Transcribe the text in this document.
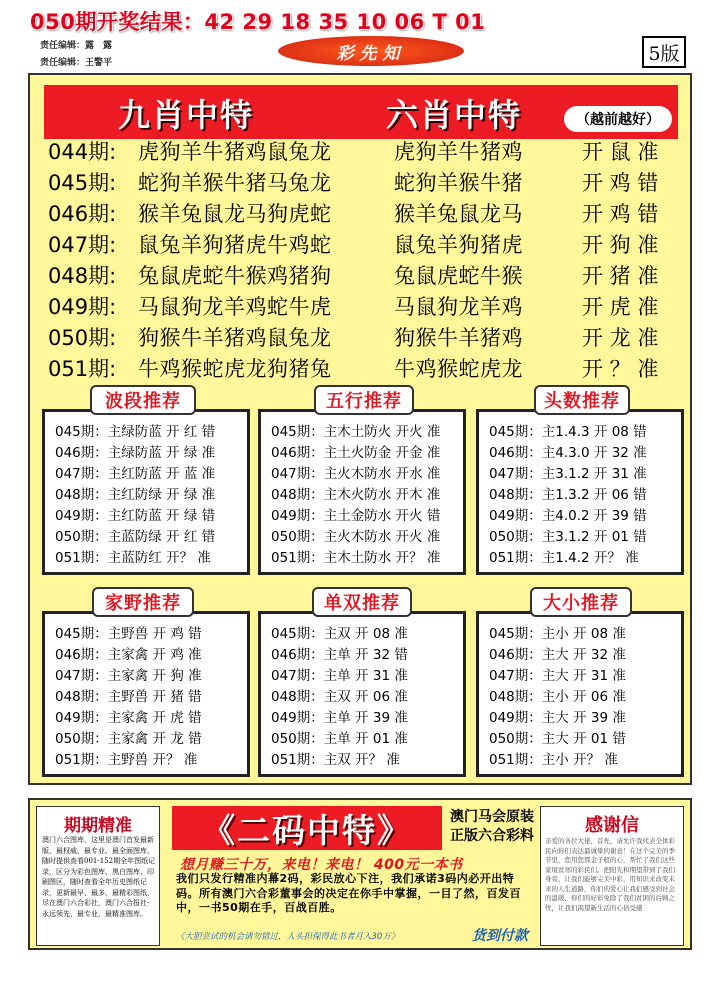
050期开奖结果：42 29 18 35 10 06 T 01
责任编辑：露　露
责任编辑：王警平	彩先知	5版
九肖中特	六肖中特	（越前越好）
044期: 虎狗羊牛猪鸡鼠兔龙	虎狗羊牛猪鸡	开 鼠 准
045期: 蛇狗羊猴牛猪马兔龙	蛇狗羊猴牛猪	开 鸡 错
046期: 猴羊兔鼠龙马狗虎蛇	猴羊兔鼠龙马	开 鸡 错
047期: 鼠兔羊狗猪虎牛鸡蛇	鼠兔羊狗猪虎	开 狗 准
048期: 兔鼠虎蛇牛猴鸡猪狗	兔鼠虎蛇牛猴	开 猪 准
049期: 马鼠狗龙羊鸡蛇牛虎	马鼠狗龙羊鸡	开 虎 准
050期: 狗猴牛羊猪鸡鼠兔龙	狗猴牛羊猪鸡	开 龙 准
051期: 牛鸡猴蛇虎龙狗猪兔	牛鸡猴蛇虎龙	开 ？ 准
波段推荐
045期：主绿防蓝 开 红 错
046期：主绿防蓝 开 绿 准
047期：主红防蓝 开 蓝 准
048期：主红防绿 开 绿 准
049期：主红防蓝 开 绿 错
050期：主蓝防绿 开 红 错
051期：主蓝防红 开？ 准
五行推荐
045期：主木土防火 开火 准
046期：主土火防金 开金 准
047期：主火木防水 开水 准
048期：主木火防水 开木 准
049期：主土金防水 开火 错
050期：主火木防水 开火 准
051期：主木土防水 开？ 准
头数推荐
045期：主1.4.3 开 08 错
046期：主4.3.0 开 32 准
047期：主3.1.2 开 31 准
048期：主1.3.2 开 06 错
049期：主4.0.2 开 39 错
050期：主3.1.2 开 01 错
051期：主1.4.2 开？ 准
家野推荐
045期：主野兽 开 鸡 错
046期：主家禽 开 鸡 准
047期：主家禽 开 狗 准
048期：主野兽 开 猪 错
049期：主家禽 开 虎 错
050期：主家禽 开 龙 错
051期：主野兽 开？ 准
单双推荐
045期：主双 开 08 准
046期：主单 开 32 错
047期：主单 开 31 准
048期：主双 开 06 准
049期：主单 开 39 准
050期：主单 开 01 准
051期：主双 开？ 准
大小推荐
045期：主小 开 08 准
046期：主大 开 32 准
047期：主大 开 31 准
048期：主小 开 06 准
049期：主大 开 39 准
050期：主大 开 01 错
051期：主小 开？ 准
期期精准
澳门六合图库，这里是澳门首发最新版、最权威、最专业、最全面图库，随时提供查看001-152期全年图纸记录，区分为彩色图库、黑白图库、印刷图区，随时查看全年历史图纸记录，更新最早、最多，最精彩图纸，尽在澳门六合彩社，澳门六合报社-永远领先，最专业，最精准图库。
《二码中特》	澳门马会原装
正版六合彩料
想月赚三十万，来电！来电！ 400元一本书
我们只发行精准内幕2码，彩民放心下注，我们承诺3码内必开出特码。所有澳门六合彩董事会的决定在你手中掌握，一目了然，百发百中，一书50期在手，百战百胜。
《大胆尝试的机会请勿错过，人头担保得此书者月入30万》	货到付款
感谢信
亲爱的各位大佬，首先，请允许我代表全体彩民向你们表达最诚挚的谢意！在这个完美的季节里，您用您那金子般的心，帮忙了我们这些家境贫寒的彩民们。把阳光和期望带到了我们身旁，让我们能够完美中彩，用知识来改变未来的人生道路，你们的爱心让我们感受到社会的温暖，你们的好彩免除了我们贫困的后顾之忧，让我们渴望新生活的心倍受感
